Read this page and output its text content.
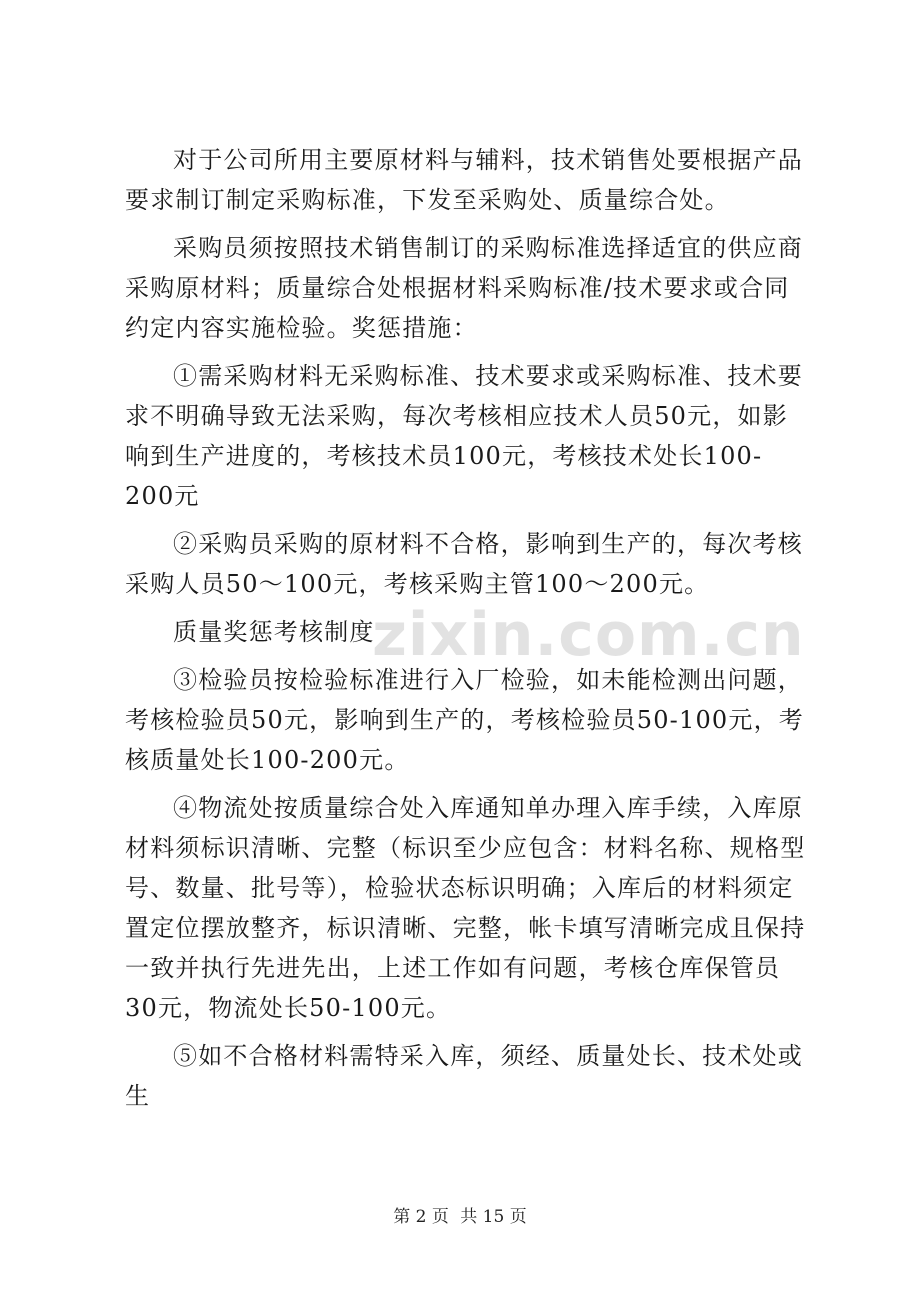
对于公司所用主要原材料与辅料，技术销售处要根据产品要求制订制定采购标准，下发至采购处、质量综合处。

采购员须按照技术销售制订的采购标准选择适宜的供应商采购原材料；质量综合处根据材料采购标准/技术要求或合同约定内容实施检验。奖惩措施：

①需采购材料无采购标准、技术要求或采购标准、技术要求不明确导致无法采购，每次考核相应技术人员50元，如影响到生产进度的，考核技术员100元，考核技术处长100-200元

②采购员采购的原材料不合格，影响到生产的，每次考核采购人员50～100元，考核采购主管100～200元。

质量奖惩考核制度

③检验员按检验标准进行入厂检验，如未能检测出问题，考核检验员50元，影响到生产的，考核检验员50-100元，考核质量处长100-200元。

④物流处按质量综合处入库通知单办理入库手续，入库原材料须标识清晰、完整（标识至少应包含：材料名称、规格型号、数量、批号等），检验状态标识明确；入库后的材料须定置定位摆放整齐，标识清晰、完整，帐卡填写清晰完成且保持一致并执行先进先出，上述工作如有问题，考核仓库保管员30元，物流处长50-100元。

⑤如不合格材料需特采入库，须经、质量处长、技术处或生

zixin.com.cn
第 2 页 共 15 页
